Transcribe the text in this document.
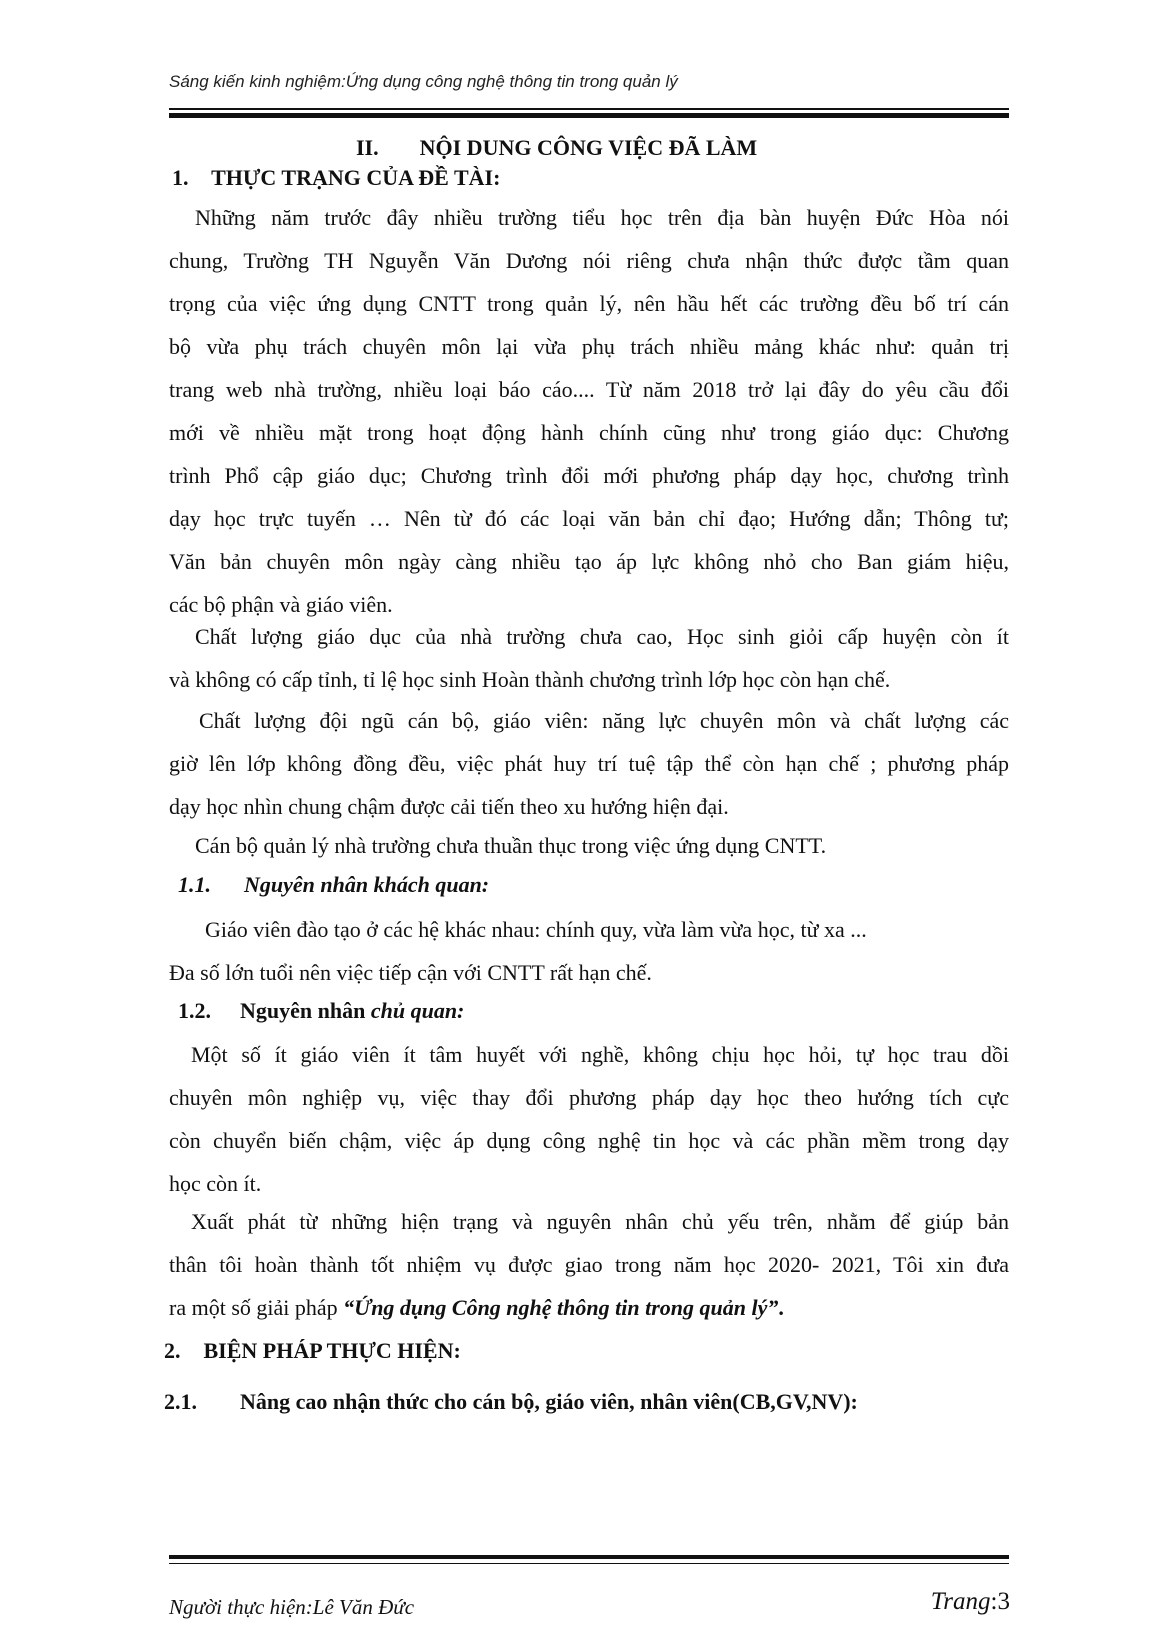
Sáng kiến kinh nghiệm:Ứng dụng công nghệ thông tin trong quản lý
II. NỘI DUNG CÔNG VIỆC ĐÃ LÀM
1. THỰC TRẠNG CỦA ĐỀ TÀI:
Những năm trước đây nhiều trường tiểu học trên địa bàn huyện Đức Hòa nói
chung, Trường TH Nguyễn Văn Dương nói riêng chưa nhận thức được tầm quan
trọng của việc ứng dụng CNTT trong quản lý, nên hầu hết các trường đều bố trí cán
bộ vừa phụ trách chuyên môn lại vừa phụ trách nhiều mảng khác như: quản trị
trang web nhà trường, nhiều loại báo cáo.... Từ năm 2018 trở lại đây do yêu cầu đổi
mới về nhiều mặt trong hoạt động hành chính cũng như trong giáo dục: Chương
trình Phổ cập giáo dục; Chương trình đổi mới phương pháp dạy học, chương trình
dạy học trực tuyến … Nên từ đó các loại văn bản chỉ đạo; Hướng dẫn; Thông tư;
Văn bản chuyên môn ngày càng nhiều tạo áp lực không nhỏ cho Ban giám hiệu,
các bộ phận và giáo viên.
Chất lượng giáo dục của nhà trường chưa cao, Học sinh giỏi cấp huyện còn ít
và không có cấp tỉnh, tỉ lệ học sinh Hoàn thành chương trình lớp học còn hạn chế.
Chất lượng đội ngũ cán bộ, giáo viên: năng lực chuyên môn và chất lượng các
giờ lên lớp không đồng đều, việc phát huy trí tuệ tập thể còn hạn chế ; phương pháp
dạy học nhìn chung chậm được cải tiến theo xu hướng hiện đại.
Cán bộ quản lý nhà trường chưa thuần thục trong việc ứng dụng CNTT.
1.1. Nguyên nhân khách quan:
Giáo viên đào tạo ở các hệ khác nhau: chính quy, vừa làm vừa học, từ xa ...
Đa số lớn tuổi nên việc tiếp cận với CNTT rất hạn chế.
1.2. Nguyên nhân chủ quan:
Một số ít giáo viên ít tâm huyết với nghề, không chịu học hỏi, tự học trau dồi
chuyên môn nghiệp vụ, việc thay đổi phương pháp dạy học theo hướng tích cực
còn chuyển biến chậm, việc áp dụng công nghệ tin học và các phần mềm trong dạy
học còn ít.
Xuất phát từ những hiện trạng và nguyên nhân chủ yếu trên, nhằm để giúp bản
thân tôi hoàn thành tốt nhiệm vụ được giao trong năm học 2020- 2021, Tôi xin đưa
ra một số giải pháp “Ứng dụng Công nghệ thông tin trong quản lý”.
2. BIỆN PHÁP THỰC HIỆN:
2.1. Nâng cao nhận thức cho cán bộ, giáo viên, nhân viên(CB,GV,NV):
Người thực hiện:Lê Văn Đức	Trang:3
